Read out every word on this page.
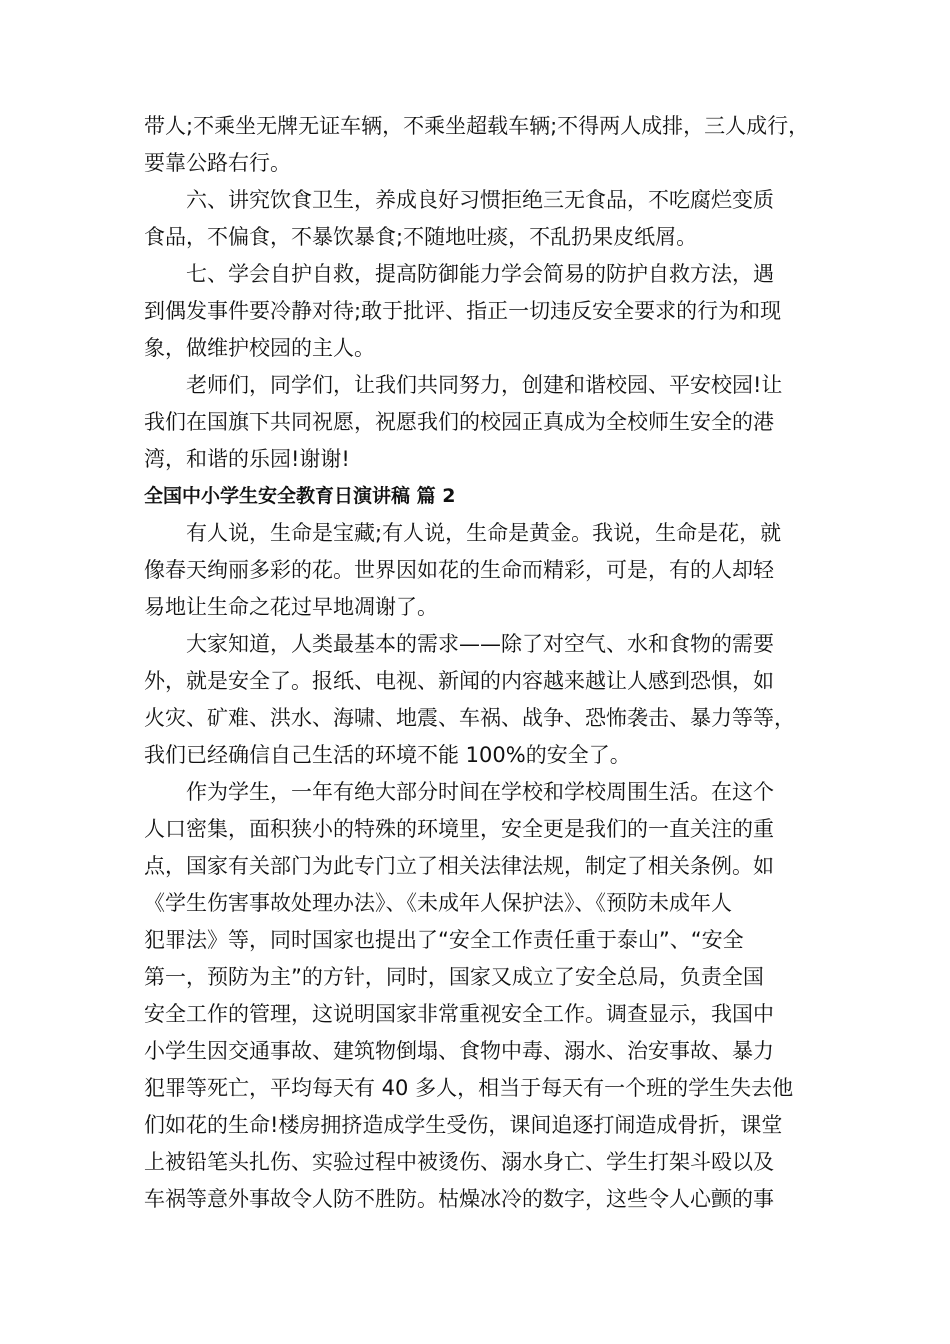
带人;不乘坐无牌无证车辆，不乘坐超载车辆;不得两人成排，三人成行，
要靠公路右行。
六、讲究饮食卫生，养成良好习惯拒绝三无食品，不吃腐烂变质
食品，不偏食，不暴饮暴食;不随地吐痰，不乱扔果皮纸屑。
七、学会自护自救，提高防御能力学会简易的防护自救方法，遇
到偶发事件要冷静对待;敢于批评、指正一切违反安全要求的行为和现
象，做维护校园的主人。
老师们，同学们，让我们共同努力，创建和谐校园、平安校园!让
我们在国旗下共同祝愿，祝愿我们的校园正真成为全校师生安全的港
湾，和谐的乐园!谢谢!
全国中小学生安全教育日演讲稿 篇 2
有人说，生命是宝藏;有人说，生命是黄金。我说，生命是花，就
像春天绚丽多彩的花。世界因如花的生命而精彩，可是，有的人却轻
易地让生命之花过早地凋谢了。
大家知道，人类最基本的需求——除了对空气、水和食物的需要
外，就是安全了。报纸、电视、新闻的内容越来越让人感到恐惧，如
火灾、矿难、洪水、海啸、地震、车祸、战争、恐怖袭击、暴力等等，
我们已经确信自己生活的环境不能 100%的安全了。
作为学生，一年有绝大部分时间在学校和学校周围生活。在这个
人口密集，面积狭小的特殊的环境里，安全更是我们的一直关注的重
点，国家有关部门为此专门立了相关法律法规，制定了相关条例。如
《学生伤害事故处理办法》、《未成年人保护法》、《预防未成年人
犯罪法》等，同时国家也提出了“安全工作责任重于泰山”、“安全
第一，预防为主”的方针，同时，国家又成立了安全总局，负责全国
安全工作的管理，这说明国家非常重视安全工作。调查显示，我国中
小学生因交通事故、建筑物倒塌、食物中毒、溺水、治安事故、暴力
犯罪等死亡，平均每天有 40 多人，相当于每天有一个班的学生失去他
们如花的生命!楼房拥挤造成学生受伤，课间追逐打闹造成骨折，课堂
上被铅笔头扎伤、实验过程中被烫伤、溺水身亡、学生打架斗殴以及
车祸等意外事故令人防不胜防。枯燥冰冷的数字，这些令人心颤的事
